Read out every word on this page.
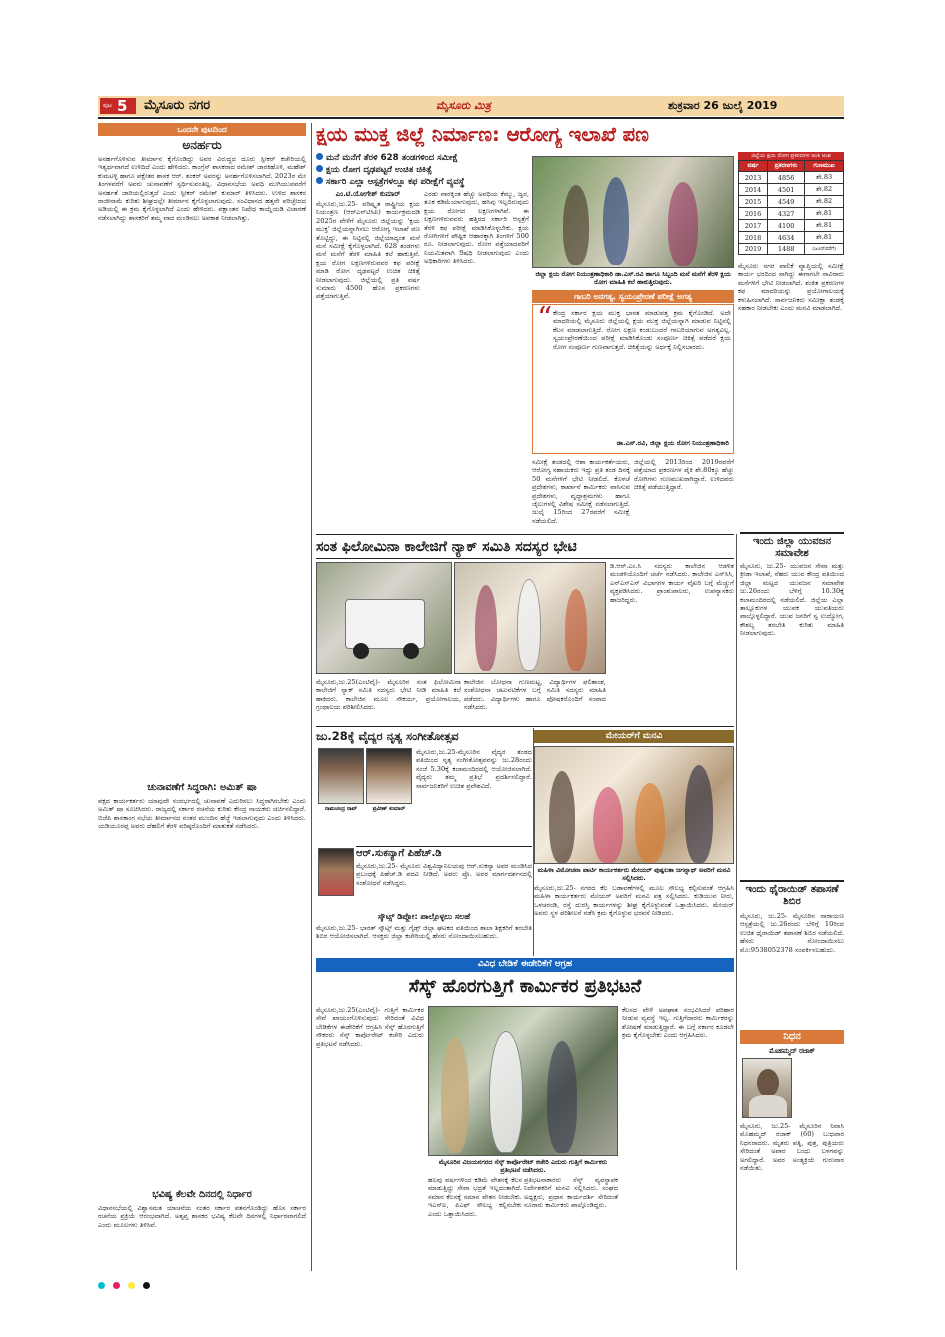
ಪುಟ 5 ಮೈಸೂರು ನಗರ	ಮೈಸೂರು ಮಿತ್ರ	ಶುಕ್ರವಾರ 26 ಜುಲೈ 2019
ಒಂದನೇ ಪುಟದಿಂದ
ಅನರ್ಹರು
ಅನರ್ಹಗೊಳಿಸುವ ತೀರ್ಮಾನ ಕೈಗೊಂಡಿದ್ದು ಅವರ ವಿರುದ್ಧದ ದೂರು ಸ್ಪೀಕರ್ ಕಚೇರಿಯಲ್ಲಿ ಇತ್ಯರ್ಥವಾಗದೆ ಉಳಿದಿದೆ ಎಂದು ಹೇಳಿದರು. ಕಾಂಗ್ರೆಸ್ ಶಾಸಕರಾದ ರಮೇಶ್ ಜಾರಕಿಹೊಳಿ, ಮಹೇಶ್ ಕುಮಟಳ್ಳಿ ಹಾಗೂ ಪಕ್ಷೇತರ ಶಾಸಕ ಆರ್. ಶಂಕರ್ ಅವರನ್ನು ಅನರ್ಹಗೊಳಿಸಲಾಗಿದೆ. 2023ರ ಮೇ ತಿಂಗಳವರೆಗೆ ಅವರು ಚುನಾವಣೆಗೆ ಸ್ಪರ್ಧಿಸುವಂತಿಲ್ಲ. ವಿಧಾನಸಭೆಯ ಅವಧಿ ಮುಗಿಯುವವರೆಗೆ ಅನರ್ಹತೆ ಜಾರಿಯಲ್ಲಿರುತ್ತದೆ ಎಂದು ಸ್ಪೀಕರ್ ರಮೇಶ್ ಕುಮಾರ್ ತಿಳಿಸಿದರು. ಉಳಿದ ಶಾಸಕರ ರಾಜೀನಾಮೆ ಕುರಿತು ಶೀಘ್ರದಲ್ಲೇ ತೀರ್ಮಾನ ಕೈಗೊಳ್ಳಲಾಗುವುದು. ಸಂವಿಧಾನದ ಹತ್ತನೇ ಪರಿಚ್ಛೇದದ ಅಡಿಯಲ್ಲಿ ಈ ಕ್ರಮ ಕೈಗೊಳ್ಳಲಾಗಿದೆ ಎಂದು ಹೇಳಿದರು. ಪಕ್ಷಾಂತರ ನಿಷೇಧ ಕಾಯ್ದೆಯಡಿ ವಿಚಾರಣೆ ನಡೆಸಲಾಗಿದ್ದು ಶಾಸಕರಿಗೆ ತಮ್ಮ ವಾದ ಮಂಡಿಸಲು ಅವಕಾಶ ನೀಡಲಾಗಿತ್ತು.
ಚುನಾವಣೆಗೆ ಸಿದ್ಧರಾಗಿ: ಅಮಿತ್ ಷಾ
ಪಕ್ಷದ ಕಾರ್ಯಕರ್ತರು ಯಾವುದೇ ಸಂದರ್ಭದಲ್ಲಿ ಚುನಾವಣೆ ಎದುರಿಸಲು ಸಿದ್ಧರಾಗಿರಬೇಕು ಎಂದು ಅಮಿತ್ ಷಾ ಸೂಚಿಸಿದರು. ರಾಜ್ಯದಲ್ಲಿ ಸರ್ಕಾರ ರಚನೆಯ ಕುರಿತು ಕೇಂದ್ರ ನಾಯಕರು ಚರ್ಚಿಸಲಿದ್ದಾರೆ. ಬಿಜೆಪಿ ಶಾಸಕಾಂಗ ಸಭೆಯ ತೀರ್ಮಾನದ ನಂತರ ಮುಂದಿನ ಹೆಜ್ಜೆ ಇಡಲಾಗುವುದು ಎಂದು ತಿಳಿಸಿದರು. ಯಡಿಯೂರಪ್ಪ ಅವರು ದೆಹಲಿಗೆ ತೆರಳಿ ವರಿಷ್ಠರೊಂದಿಗೆ ಮಾತುಕತೆ ನಡೆಸಿದರು.
ಭವಿಷ್ಯ ಕೆಲವೇ ದಿನದಲ್ಲಿ ನಿರ್ಧಾರ
ವಿಧಾನಸಭೆಯಲ್ಲಿ ವಿಶ್ವಾಸಮತ ಯಾಚನೆಯ ನಂತರ ಸರ್ಕಾರ ಪತನಗೊಂಡಿದ್ದು ಹೊಸ ಸರ್ಕಾರ ರಚನೆಯ ಪ್ರಕ್ರಿಯೆ ಆರಂಭವಾಗಿದೆ. ಅತೃಪ್ತ ಶಾಸಕರ ಭವಿಷ್ಯ ಕೆಲವೇ ದಿನಗಳಲ್ಲಿ ನಿರ್ಧಾರವಾಗಲಿದೆ ಎಂದು ಮೂಲಗಳು ತಿಳಿಸಿವೆ.
ಕ್ಷಯ ಮುಕ್ತ ಜಿಲ್ಲೆ ನಿರ್ಮಾಣ: ಆರೋಗ್ಯ ಇಲಾಖೆ ಪಣ
ಮನೆ ಮನೆಗೆ ತೆರಳಿ 628 ತಂಡಗಳಿಂದ ಸಮೀಕ್ಷೆ
ಕ್ಷಯ ರೋಗ ದೃಢಪಟ್ಟರೆ ಉಚಿತ ಚಿಕಿತ್ಸೆ
ಸರ್ಕಾರಿ ಎಲ್ಲಾ ಆಸ್ಪತ್ರೆಗಳಲ್ಲೂ ಕಫ ಪರೀಕ್ಷೆಗೆ ವ್ಯವಸ್ಥೆ
ಎಂ.ಟಿ.ಯೋಗೇಶ್ ಕುಮಾರ್
ಮೈಸೂರು,ಜು.25- ಪರಿಷ್ಕೃತ ರಾಷ್ಟ್ರೀಯ ಕ್ಷಯ ನಿಯಂತ್ರಣ (ಆರ್‌ಎನ್‌ಟಿಸಿಪಿ) ಕಾರ್ಯಕ್ರಮದಡಿ 2025ರ ವೇಳೆಗೆ ಮೈಸೂರು ಜಿಲ್ಲೆಯನ್ನು 'ಕ್ಷಯ ಮುಕ್ತ' ಜಿಲ್ಲೆಯನ್ನಾಗಿಸಲು ಆರೋಗ್ಯ ಇಲಾಖೆ ಪಣ ತೊಟ್ಟಿದ್ದು, ಈ ನಿಟ್ಟಿನಲ್ಲಿ ಜಿಲ್ಲೆಯಾದ್ಯಂತ ಮನೆ ಮನೆ ಸಮೀಕ್ಷೆ ಕೈಗೊಳ್ಳಲಾಗಿದೆ. 628 ತಂಡಗಳು ಮನೆ ಮನೆಗೆ ತೆರಳಿ ಮಾಹಿತಿ ಕಲೆ ಹಾಕುತ್ತಿವೆ. ಕ್ಷಯ ರೋಗ ಲಕ್ಷಣಗಳಿರುವವರ ಕಫ ಪರೀಕ್ಷೆ ಮಾಡಿ ರೋಗ ದೃಢಪಟ್ಟರೆ ಉಚಿತ ಚಿಕಿತ್ಸೆ ನೀಡಲಾಗುವುದು. ಜಿಲ್ಲೆಯಲ್ಲಿ ಪ್ರತಿ ವರ್ಷ ಸುಮಾರು 4500 ಹೊಸ ಪ್ರಕರಣಗಳು ಪತ್ತೆಯಾಗುತ್ತಿವೆ.
ಎರಡು ವಾರಕ್ಕಿಂತ ಹೆಚ್ಚು ಅವಧಿಯ ಕೆಮ್ಮು, ಜ್ವರ, ತೂಕ ಕಡಿಮೆಯಾಗುವುದು, ಹಸಿವು ಇಲ್ಲದಿರುವುದು ಕ್ಷಯ ರೋಗದ ಲಕ್ಷಣಗಳಾಗಿವೆ. ಈ ಲಕ್ಷಣಗಳಿರುವವರು ಹತ್ತಿರದ ಸರ್ಕಾರಿ ಆಸ್ಪತ್ರೆಗೆ ತೆರಳಿ ಕಫ ಪರೀಕ್ಷೆ ಮಾಡಿಸಿಕೊಳ್ಳಬೇಕು. ಕ್ಷಯ ರೋಗಿಗಳಿಗೆ ಪೌಷ್ಟಿಕ ಆಹಾರಕ್ಕಾಗಿ ತಿಂಗಳಿಗೆ 500 ರೂ. ನೀಡಲಾಗುವುದು. ರೋಗ ಪತ್ತೆಯಾದವರಿಗೆ ನಿಯಮಿತವಾಗಿ ಔಷಧಿ ನೀಡಲಾಗುವುದು ಎಂದು ಅಧಿಕಾರಿಗಳು ತಿಳಿಸಿದರು.
ಜಿಲ್ಲಾ ಕ್ಷಯ ರೋಗ ನಿಯಂತ್ರಣಾಧಿಕಾರಿ ಡಾ.ಎಸ್.ರವಿ ಹಾಗೂ ಸಿಬ್ಬಂದಿ ಮನೆ ಮನೆಗೆ ತೆರಳಿ ಕ್ಷಯ ರೋಗ ಮಾಹಿತಿ ಕಲೆ ಹಾಕುತ್ತಿರುವುದು.
ಜಿಲ್ಲೆಯ ಕ್ಷಯ ರೋಗ ಪ್ರಕರಣಗಳ ಅಂಕಿ ಅಂಶ
ವರ್ಷ	ಪ್ರಕರಣಗಳು	ಗುಣಮುಖ
2013	4856	ಶೇ.83
2014	4501	ಶೇ.82
2015	4549	ಶೇ.82
2016	4327	ಶೇ.81
2017	4100	ಶೇ.81
2018	4634	ಶೇ.81
2019	1488	(ಜೂನ್‌ವರೆಗೆ)
ಮೈಸೂರು ನಗರ ಪಾಲಿಕೆ ವ್ಯಾಪ್ತಿಯಲ್ಲಿ ಸಮೀಕ್ಷೆ ಕಾರ್ಯ ಭರದಿಂದ ಸಾಗಿದ್ದು ಈಗಾಗಲೇ ಸಾವಿರಾರು ಮನೆಗಳಿಗೆ ಭೇಟಿ ನೀಡಲಾಗಿದೆ. ಶಂಕಿತ ಪ್ರಕರಣಗಳ ಕಫ ಮಾದರಿಯನ್ನು ಪ್ರಯೋಗಾಲಯಕ್ಕೆ ಕಳುಹಿಸಲಾಗಿದೆ. ಸಾರ್ವಜನಿಕರು ಸಮೀಕ್ಷಾ ತಂಡಕ್ಕೆ ಸಹಕಾರ ನೀಡಬೇಕು ಎಂದು ಮನವಿ ಮಾಡಲಾಗಿದೆ.
ಗಾಬರಿ ಅನಗತ್ಯ, ಸ್ವಯಂಪ್ರೇರಣೆ ಪರೀಕ್ಷೆ ಅಗತ್ಯ
“ ಕೇಂದ್ರ ಸರ್ಕಾರ ಕ್ಷಯ ಮುಕ್ತ ಭಾರತ ಮಾಡುವತ್ತ ಕ್ರಮ ಕೈಗೊಂಡಿದೆ. ಅದೇ ಮಾದರಿಯಲ್ಲಿ ಮೈಸೂರು ಜಿಲ್ಲೆಯಲ್ಲಿ ಕ್ಷಯ ಮುಕ್ತ ಜಿಲ್ಲೆಯನ್ನಾಗಿ ಮಾಡುವ ನಿಟ್ಟಿನಲ್ಲಿ ಕೆಲಸ ಮಾಡಲಾಗುತ್ತಿದೆ. ರೋಗ ಲಕ್ಷಣ ಕಂಡುಬಂದರೆ ಗಾಬರಿಯಾಗುವ ಅಗತ್ಯವಿಲ್ಲ. ಸ್ವಯಂಪ್ರೇರಣೆಯಿಂದ ಪರೀಕ್ಷೆ ಮಾಡಿಸಿಕೊಂಡು ಸಂಪೂರ್ಣ ಚಿಕಿತ್ಸೆ ಪಡೆದರೆ ಕ್ಷಯ ರೋಗ ಸಂಪೂರ್ಣ ಗುಣವಾಗುತ್ತದೆ. ಚಿಕಿತ್ಸೆಯನ್ನು ಅರ್ಧಕ್ಕೆ ನಿಲ್ಲಿಸಬಾರದು.
ಡಾ.ಎಸ್.ರವಿ, ಜಿಲ್ಲಾ ಕ್ಷಯ ರೋಗ ನಿಯಂತ್ರಣಾಧಿಕಾರಿ
ಸಮೀಕ್ಷೆ ತಂಡದಲ್ಲಿ ಆಶಾ ಕಾರ್ಯಕರ್ತೆಯರು, ಆರೋಗ್ಯ ಸಹಾಯಕರು ಇದ್ದು ಪ್ರತಿ ತಂಡ ದಿನಕ್ಕೆ 50 ಮನೆಗಳಿಗೆ ಭೇಟಿ ನೀಡಲಿದೆ. ಕೊಳಚೆ ಪ್ರದೇಶಗಳು, ಕಾರ್ಖಾನೆ ಕಾರ್ಮಿಕರು ವಾಸಿಸುವ ಪ್ರದೇಶಗಳು, ವೃದ್ಧಾಶ್ರಮಗಳು ಹಾಗೂ ಜೈಲುಗಳಲ್ಲಿ ವಿಶೇಷ ಸಮೀಕ್ಷೆ ನಡೆಸಲಾಗುತ್ತಿದೆ. ಜುಲೈ 15ರಿಂದ 27ರವರೆಗೆ ಸಮೀಕ್ಷೆ ನಡೆಯಲಿದೆ.
ಜಿಲ್ಲೆಯಲ್ಲಿ 2013ರಿಂದ 2019ರವರೆಗೆ ಪತ್ತೆಯಾದ ಪ್ರಕರಣಗಳ ಪೈಕಿ ಶೇ.80ಕ್ಕೂ ಹೆಚ್ಚು ರೋಗಿಗಳು ಗುಣಮುಖರಾಗಿದ್ದಾರೆ. ಉಳಿದವರು ಚಿಕಿತ್ಸೆ ಪಡೆಯುತ್ತಿದ್ದಾರೆ.
ಇಂದು ಜಿಲ್ಲಾ ಯುವಜನ ಸಮಾವೇಶ
ಮೈಸೂರು, ಜು.25- ಯುವಜನ ಸೇವಾ ಮತ್ತು ಕ್ರೀಡಾ ಇಲಾಖೆ, ನೆಹರು ಯುವ ಕೇಂದ್ರ ವತಿಯಿಂದ ಜಿಲ್ಲಾ ಮಟ್ಟದ ಯುವಜನ ಸಮಾವೇಶ ಜು.26ರಂದು ಬೆಳಿಗ್ಗೆ 10.30ಕ್ಕೆ ಕಲಾಮಂದಿರದಲ್ಲಿ ನಡೆಯಲಿದೆ. ಜಿಲ್ಲೆಯ ಎಲ್ಲಾ ತಾಲ್ಲೂಕುಗಳ ಯುವಕ ಯುವತಿಯರು ಪಾಲ್ಗೊಳ್ಳಲಿದ್ದಾರೆ. ಯುವ ಜನರಿಗೆ ಸ್ವ ಉದ್ಯೋಗ, ಕೌಶಲ್ಯ ತರಬೇತಿ ಕುರಿತು ಮಾಹಿತಿ ನೀಡಲಾಗುವುದು.
ಇಂದು ಥೈರಾಯಿಡ್ ತಪಾಸಣೆ ಶಿಬಿರ
ಮೈಸೂರು, ಜು.25- ಮೈಸೂರಿನ ನಾರಾಯಣ ಆಸ್ಪತ್ರೆಯಲ್ಲಿ ಜು.26ರಂದು ಬೆಳಿಗ್ಗೆ 10ರಿಂದ ಉಚಿತ ಥೈರಾಯಿಡ್ ತಪಾಸಣೆ ಶಿಬಿರ ನಡೆಯಲಿದೆ. ಹೆಸರು ನೋಂದಾಯಿಸಲು ಮೊ:9538052378 ಸಂಪರ್ಕಿಸಬಹುದು.
ನಿಧನ
ಮೊಹಮ್ಮದ್ ರಜಾಕ್
ಮೈಸೂರು, ಜು.25- ಮೈಸೂರಿನ ನಿವಾಸಿ ಮೊಹಮ್ಮದ್ ರಜಾಕ್ (60) ಬುಧವಾರ ನಿಧನರಾದರು. ಮೃತರು ಪತ್ನಿ, ಪುತ್ರ, ಪುತ್ರಿಯರು ಸೇರಿದಂತೆ ಅಪಾರ ಬಂಧು ಬಳಗವನ್ನು ಅಗಲಿದ್ದಾರೆ. ಅವರ ಅಂತ್ಯಕ್ರಿಯೆ ಗುರುವಾರ ನಡೆಯಿತು.
ಸಂತ ಫಿಲೋಮಿನಾ ಕಾಲೇಜಿಗೆ ನ್ಯಾಕ್ ಸಮಿತಿ ಸದಸ್ಯರ ಭೇಟಿ
ಮೈಸೂರು,ಜು.25(ಎಂಟಿವೈ)- ಮೈಸೂರಿನ ಸಂತ ಫಿಲೋಮಿನಾ ಕಾಲೇಜಿಗೆ ನ್ಯಾಕ್ ಸಮಿತಿ ಸದಸ್ಯರು ಭೇಟಿ ನೀಡಿ ಮಾಹಿತಿ ಕಲೆ ಹಾಕಿದರು. ಕಾಲೇಜಿನ ಮೂಲ ಸೌಕರ್ಯ, ಪ್ರಯೋಗಾಲಯ, ಗ್ರಂಥಾಲಯ ಪರಿಶೀಲಿಸಿದರು.
ಕಾಲೇಜಿನ ಬೋಧನಾ ಗುಣಮಟ್ಟ, ವಿದ್ಯಾರ್ಥಿಗಳ ಫಲಿತಾಂಶ, ಸಂಶೋಧನಾ ಚಟುವಟಿಕೆಗಳ ಬಗ್ಗೆ ಸಮಿತಿ ಸದಸ್ಯರು ಮಾಹಿತಿ ಪಡೆದರು. ವಿದ್ಯಾರ್ಥಿಗಳು ಹಾಗೂ ಪೋಷಕರೊಂದಿಗೆ ಸಂವಾದ ನಡೆಸಿದರು.
ಡಿ.ಆರ್.ಎಂ.ಸಿ ಸದಸ್ಯರು ಕಾಲೇಜಿನ ಆಡಳಿತ ಮಂಡಳಿಯೊಂದಿಗೆ ಚರ್ಚೆ ನಡೆಸಿದರು. ಕಾಲೇಜಿನ ಎನ್‌ಸಿಸಿ, ಎನ್‌ಎಸ್‌ಎಸ್ ವಿಭಾಗಗಳ ಕಾರ್ಯ ವೈಖರಿ ಬಗ್ಗೆ ಮೆಚ್ಚುಗೆ ವ್ಯಕ್ತಪಡಿಸಿದರು. ಪ್ರಾಂಶುಪಾಲರು, ಉಪನ್ಯಾಸಕರು ಹಾಜರಿದ್ದರು.
ಜು.28ಕ್ಕೆ ವೈದ್ಯರ ನೃತ್ಯ ಸಂಗೀತೋತ್ಸವ
ರಾಮಚಂದ್ರ ರಾವ್	ಪ್ರವೀಣ್ ಕುಮಾರ್
ಮೈಸೂರು,ಜು.25-ಮೈಸೂರಿನ ವೈದ್ಯರ ತಂಡದ ವತಿಯಿಂದ ನೃತ್ಯ ಸಂಗೀತೋತ್ಸವವನ್ನು ಜು.28ರಂದು ಸಂಜೆ 5.30ಕ್ಕೆ ಕಲಾಮಂದಿರದಲ್ಲಿ ಆಯೋಜಿಸಲಾಗಿದೆ. ವೈದ್ಯರು ತಮ್ಮ ಪ್ರತಿಭೆ ಪ್ರದರ್ಶಿಸಲಿದ್ದಾರೆ. ಸಾರ್ವಜನಿಕರಿಗೆ ಉಚಿತ ಪ್ರವೇಶವಿದೆ.
ಆರ್.ಸುಕನ್ಯಾಗೆ ಪಿಹೆಚ್.ಡಿ
ಮೈಸೂರು,ಜು.25- ಮೈಸೂರು ವಿಶ್ವವಿದ್ಯಾನಿಲಯವು ಆರ್.ಸುಕನ್ಯಾ ಅವರ ಮಂಡಿಸಿದ ಪ್ರಬಂಧಕ್ಕೆ ಪಿಹೆಚ್.ಡಿ ಪದವಿ ನೀಡಿದೆ. ಅವರು ಪ್ರೊ. ಅವರ ಮಾರ್ಗದರ್ಶನದಲ್ಲಿ ಸಂಶೋಧನೆ ನಡೆಸಿದ್ದರು.
ಸ್ಕೌಟ್ಸ್ ಡಿಪ್ಲೋ: ಪಾಲ್ಗೊಳ್ಳಲು ಸಲಹೆ
ಮೈಸೂರು,ಜು.25- ಭಾರತ್ ಸ್ಕೌಟ್ಸ್ ಮತ್ತು ಗೈಡ್ಸ್ ಜಿಲ್ಲಾ ಘಟಕದ ವತಿಯಿಂದ ಶಾಲಾ ಶಿಕ್ಷಕರಿಗೆ ತರಬೇತಿ ಶಿಬಿರ ಆಯೋಜಿಸಲಾಗಿದೆ. ಆಸಕ್ತರು ಜಿಲ್ಲಾ ಕಚೇರಿಯಲ್ಲಿ ಹೆಸರು ನೋಂದಾಯಿಸಬಹುದು.
ಮೇಯರ್‌ಗೆ ಮನವಿ
ಮಹಿಳಾ ವಿಮೋಚನಾ ಪಾರ್ಟಿ ಕಾರ್ಯಕರ್ತರು ಮೇಯರ್ ಪುಷ್ಪಲತಾ ಜಗನ್ನಾಥ್ ಅವರಿಗೆ ಮನವಿ ಸಲ್ಲಿಸಿದರು.
ಮೈಸೂರು,ಜು.25- ನಗರದ ಕೆಲ ಬಡಾವಣೆಗಳಲ್ಲಿ ಮೂಲ ಸೌಲಭ್ಯ ಕಲ್ಪಿಸುವಂತೆ ಆಗ್ರಹಿಸಿ ಮಹಿಳಾ ಕಾರ್ಯಕರ್ತರು ಮೇಯರ್ ಅವರಿಗೆ ಮನವಿ ಪತ್ರ ಸಲ್ಲಿಸಿದರು. ಕುಡಿಯುವ ನೀರು, ಒಳಚರಂಡಿ, ರಸ್ತೆ ದುರಸ್ತಿ ಕಾರ್ಯಗಳನ್ನು ಶೀಘ್ರ ಕೈಗೊಳ್ಳುವಂತೆ ಒತ್ತಾಯಿಸಿದರು. ಮೇಯರ್ ಅವರು ಸ್ಥಳ ಪರಿಶೀಲನೆ ನಡೆಸಿ ಕ್ರಮ ಕೈಗೊಳ್ಳುವ ಭರವಸೆ ನೀಡಿದರು.
ವಿವಿಧ ಬೇಡಿಕೆ ಈಡೇರಿಕೆಗೆ ಆಗ್ರಹ
ಸೆಸ್ಕ್ ಹೊರಗುತ್ತಿಗೆ ಕಾರ್ಮಿಕರ ಪ್ರತಿಭಟನೆ
ಮೈಸೂರು,ಜು.25(ಎಂಟಿವೈ)- ಗುತ್ತಿಗೆ ಕಾರ್ಮಿಕರ ಸೇವೆ ಖಾಯಂಗೊಳಿಸುವುದು ಸೇರಿದಂತೆ ವಿವಿಧ ಬೇಡಿಕೆಗಳ ಈಡೇರಿಕೆಗೆ ಆಗ್ರಹಿಸಿ ಸೆಸ್ಕ್ ಹೊರಗುತ್ತಿಗೆ ನೌಕರರು ಸೆಸ್ಕ್ ಕಾರ್ಪೊರೇಟ್ ಕಚೇರಿ ಎದುರು ಪ್ರತಿಭಟನೆ ನಡೆಸಿದರು.
ಮೈಸೂರಿನ ವಿಜಯನಗರದ ಸೆಸ್ಕ್ ಕಾರ್ಪೊರೇಟ್ ಕಚೇರಿ ಎದುರು ಗುತ್ತಿಗೆ ಕಾರ್ಮಿಕರು ಪ್ರತಿಭಟನೆ ನಡೆಸಿದರು.
ಹಲವು ವರ್ಷಗಳಿಂದ ಕಡಿಮೆ ವೇತನಕ್ಕೆ ಕೆಲಸ ಮಾಡುತ್ತಿದ್ದು ಸೇವಾ ಭದ್ರತೆ ಇಲ್ಲದಂತಾಗಿದೆ. ಸಮಾನ ಕೆಲಸಕ್ಕೆ ಸಮಾನ ವೇತನ ನೀಡಬೇಕು. ಇಎಸ್‌ಐ, ಪಿಎಫ್ ಸೌಲಭ್ಯ ಕಲ್ಪಿಸಬೇಕು ಎಂದು ಒತ್ತಾಯಿಸಿದರು.
ಪ್ರತಿಭಟನಾಕಾರರು ಸೆಸ್ಕ್ ವ್ಯವಸ್ಥಾಪಕ ನಿರ್ದೇಶಕರಿಗೆ ಮನವಿ ಸಲ್ಲಿಸಿದರು. ಸಂಘದ ಅಧ್ಯಕ್ಷರು, ಪ್ರಧಾನ ಕಾರ್ಯದರ್ಶಿ ಸೇರಿದಂತೆ ನೂರಾರು ಕಾರ್ಮಿಕರು ಪಾಲ್ಗೊಂಡಿದ್ದರು.
ಕೆಲಸದ ವೇಳೆ ಅಪಘಾತ ಸಂಭವಿಸಿದರೆ ಪರಿಹಾರ ನೀಡುವ ವ್ಯವಸ್ಥೆ ಇಲ್ಲ. ಗುತ್ತಿಗೆದಾರರು ಕಾರ್ಮಿಕರನ್ನು ಶೋಷಣೆ ಮಾಡುತ್ತಿದ್ದಾರೆ. ಈ ಬಗ್ಗೆ ಸರ್ಕಾರ ಕೂಡಲೇ ಕ್ರಮ ಕೈಗೊಳ್ಳಬೇಕು ಎಂದು ಆಗ್ರಹಿಸಿದರು.
